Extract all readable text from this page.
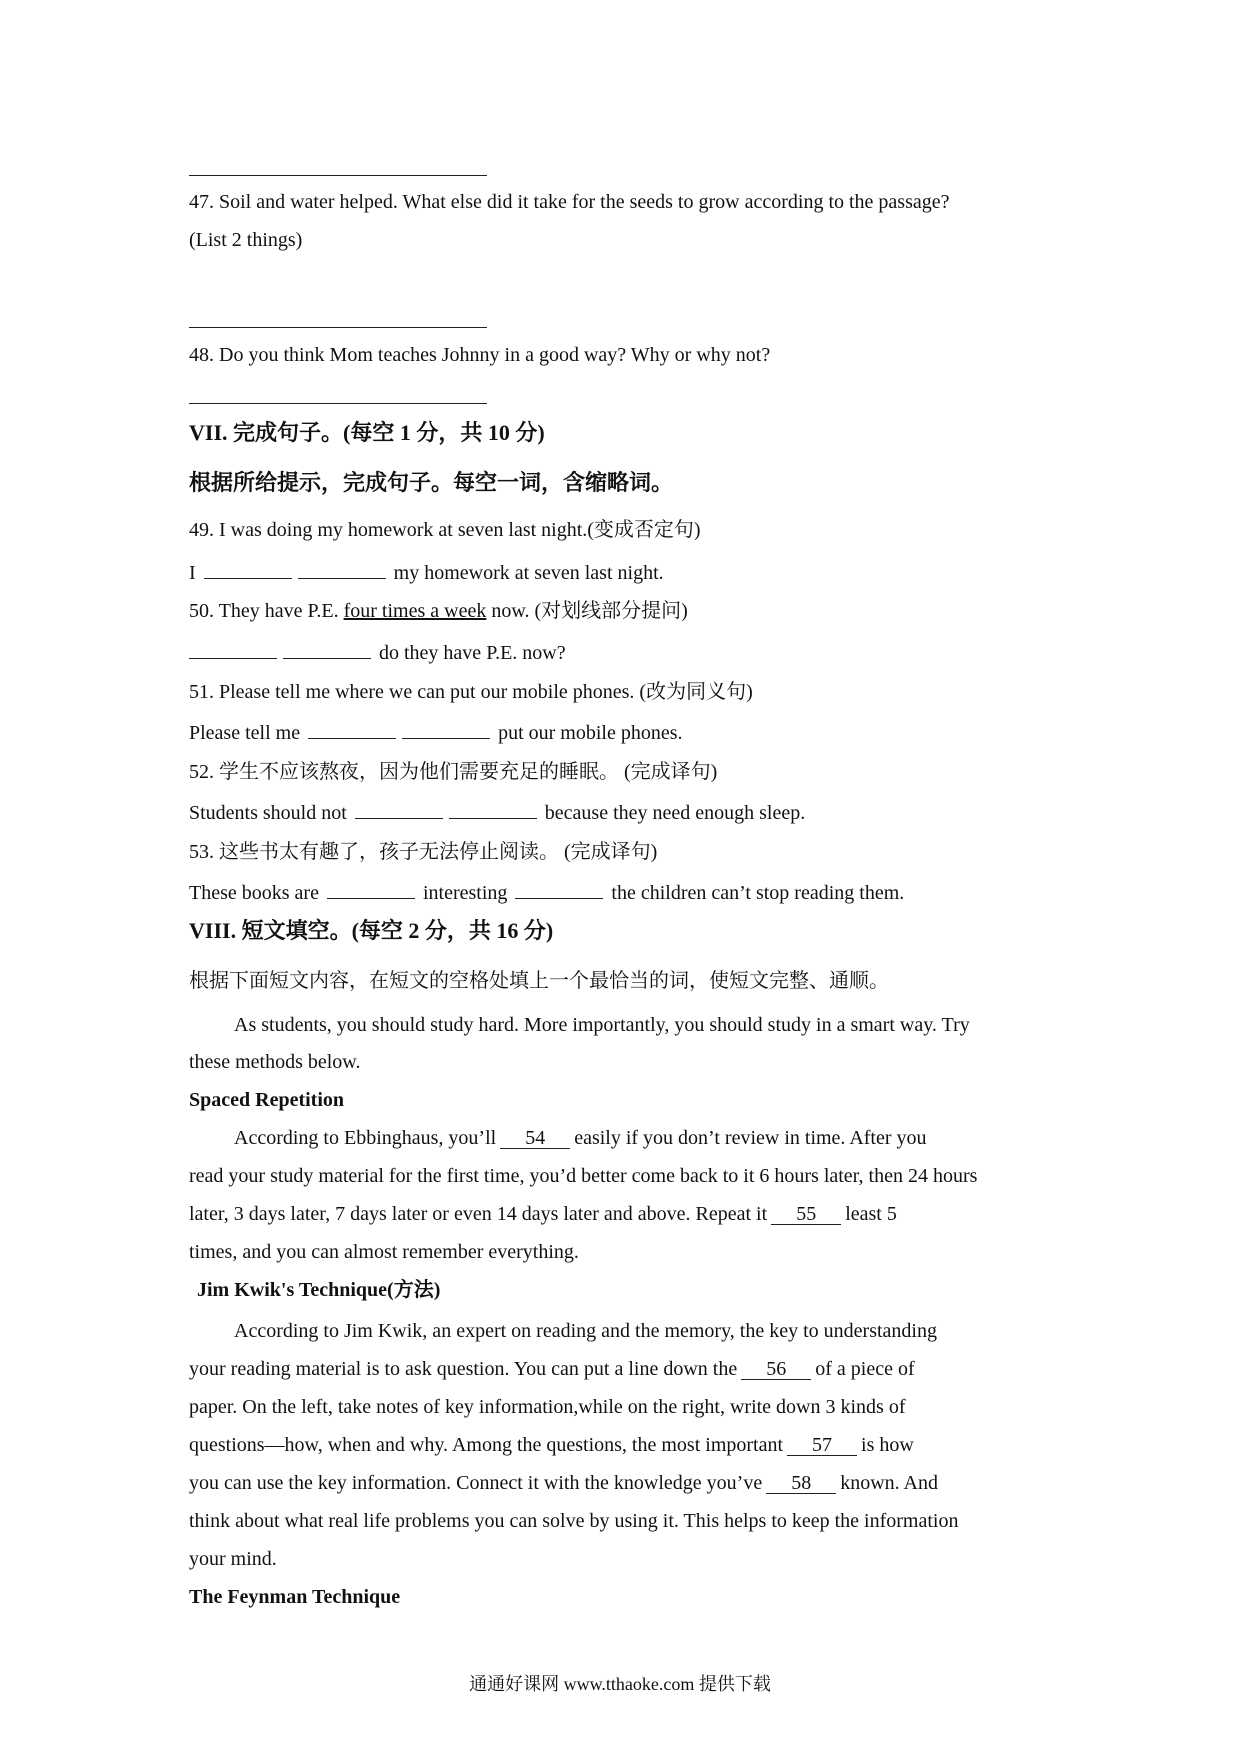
47. Soil and water helped. What else did it take for the seeds to grow according to the passage?
(List 2 things)
48. Do you think Mom teaches Johnny in a good way? Why or why not?
VII. 完成句子。(每空 1 分，共 10 分)
根据所给提示，完成句子。每空一词，含缩略词。
49. I was doing my homework at seven last night.(变成否定句)
I	my homework at seven last night.
50. They have P.E. four times a week now. (对划线部分提问)
do they have P.E. now?
51. Please tell me where we can put our mobile phones. (改为同义句)
Please tell me	put our mobile phones.
52. 学生不应该熬夜，因为他们需要充足的睡眠。 (完成译句)
Students should not	because they need enough sleep.
53. 这些书太有趣了，孩子无法停止阅读。 (完成译句)
These books are	interesting	the children can’t stop reading them.
VIII. 短文填空。(每空 2 分，共 16 分)
根据下面短文内容，在短文的空格处填上一个最恰当的词，使短文完整、通顺。
As students, you should study hard. More importantly, you should study in a smart way. Try
these methods below.
Spaced Repetition
According to Ebbinghaus, you’ll 54 easily if you don’t review in time. After you
read your study material for the first time, you’d better come back to it 6 hours later, then 24 hours
later, 3 days later, 7 days later or even 14 days later and above. Repeat it 55 least 5
times, and you can almost remember everything.
Jim Kwik's Technique(方法)
According to Jim Kwik, an expert on reading and the memory, the key to understanding
your reading material is to ask question. You can put a line down the 56 of a piece of
paper. On the left, take notes of key information,while on the right, write down 3 kinds of
questions—how, when and why. Among the questions, the most important 57 is how
you can use the key information. Connect it with the knowledge you’ve 58 known. And
think about what real life problems you can solve by using it. This helps to keep the information
your mind.
The Feynman Technique
通通好课网 www.tthaoke.com 提供下载
